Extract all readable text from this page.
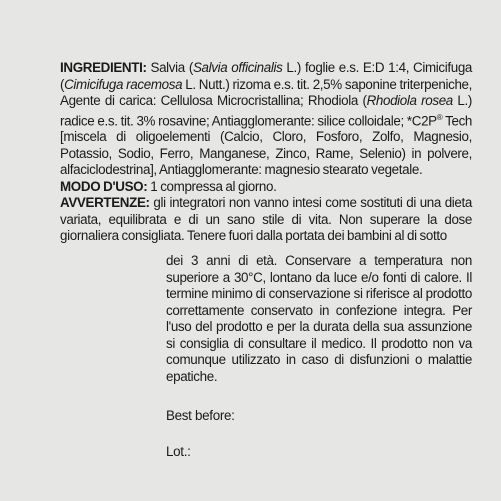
INGREDIENTI: Salvia (Salvia officinalis L.) foglie e.s. E:D 1:4, Cimicifuga (Cimicifuga racemosa L. Nutt.) rizoma e.s. tit. 2,5% saponine triterpeniche, Agente di carica: Cellulosa Microcristallina; Rhodiola (Rhodiola rosea L.) radice e.s. tit. 3% rosavine; Antiagglomerante: silice colloidale; *C2P® Tech [miscela di oligoelementi (Calcio, Cloro, Fosforo, Zolfo, Magnesio, Potassio, Sodio, Ferro, Manganese, Zinco, Rame, Selenio) in polvere, alfaciclodestrina], Antiagglomerante: magnesio stearato vegetale.

MODO D'USO: 1 compressa al giorno.

AVVERTENZE: gli integratori non vanno intesi come sostituti di una dieta variata, equilibrata e di un sano stile di vita. Non superare la dose giornaliera consigliata. Tenere fuori dalla portata dei bambini al di sotto

dei 3 anni di età. Conservare a temperatura non superiore a 30°C, lontano da luce e/o fonti di calore. Il termine minimo di conservazione si riferisce al prodotto correttamente conservato in confezione integra. Per l'uso del prodotto e per la durata della sua assunzione si consiglia di consultare il medico. Il prodotto non va comunque utilizzato in caso di disfunzioni o malattie epatiche.
Best before:
Lot.:
